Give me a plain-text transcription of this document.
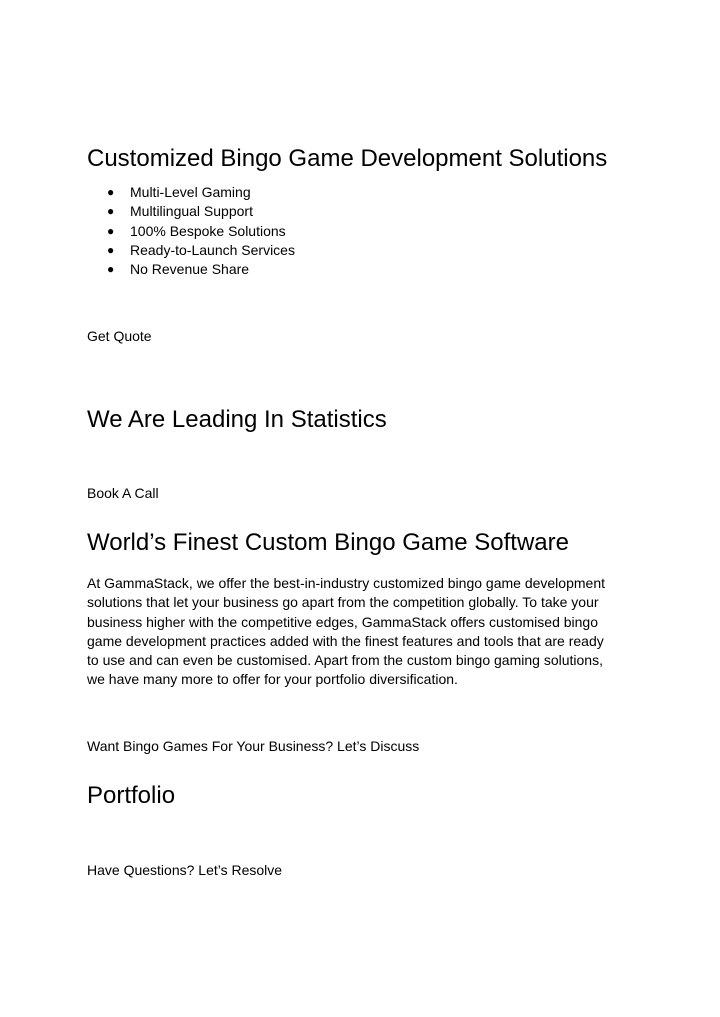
Customized Bingo Game Development Solutions
● Multi-Level Gaming
● Multilingual Support
● 100% Bespoke Solutions
● Ready-to-Launch Services
● No Revenue Share

Get Quote

We Are Leading In Statistics

Book A Call

World’s Finest Custom Bingo Game Software
At GammaStack, we offer the best-in-industry customized bingo game development
solutions that let your business go apart from the competition globally. To take your
business higher with the competitive edges, GammaStack offers customised bingo
game development practices added with the finest features and tools that are ready
to use and can even be customised. Apart from the custom bingo gaming solutions,
we have many more to offer for your portfolio diversification.

Want Bingo Games For Your Business? Let’s Discuss

Portfolio

Have Questions? Let’s Resolve
